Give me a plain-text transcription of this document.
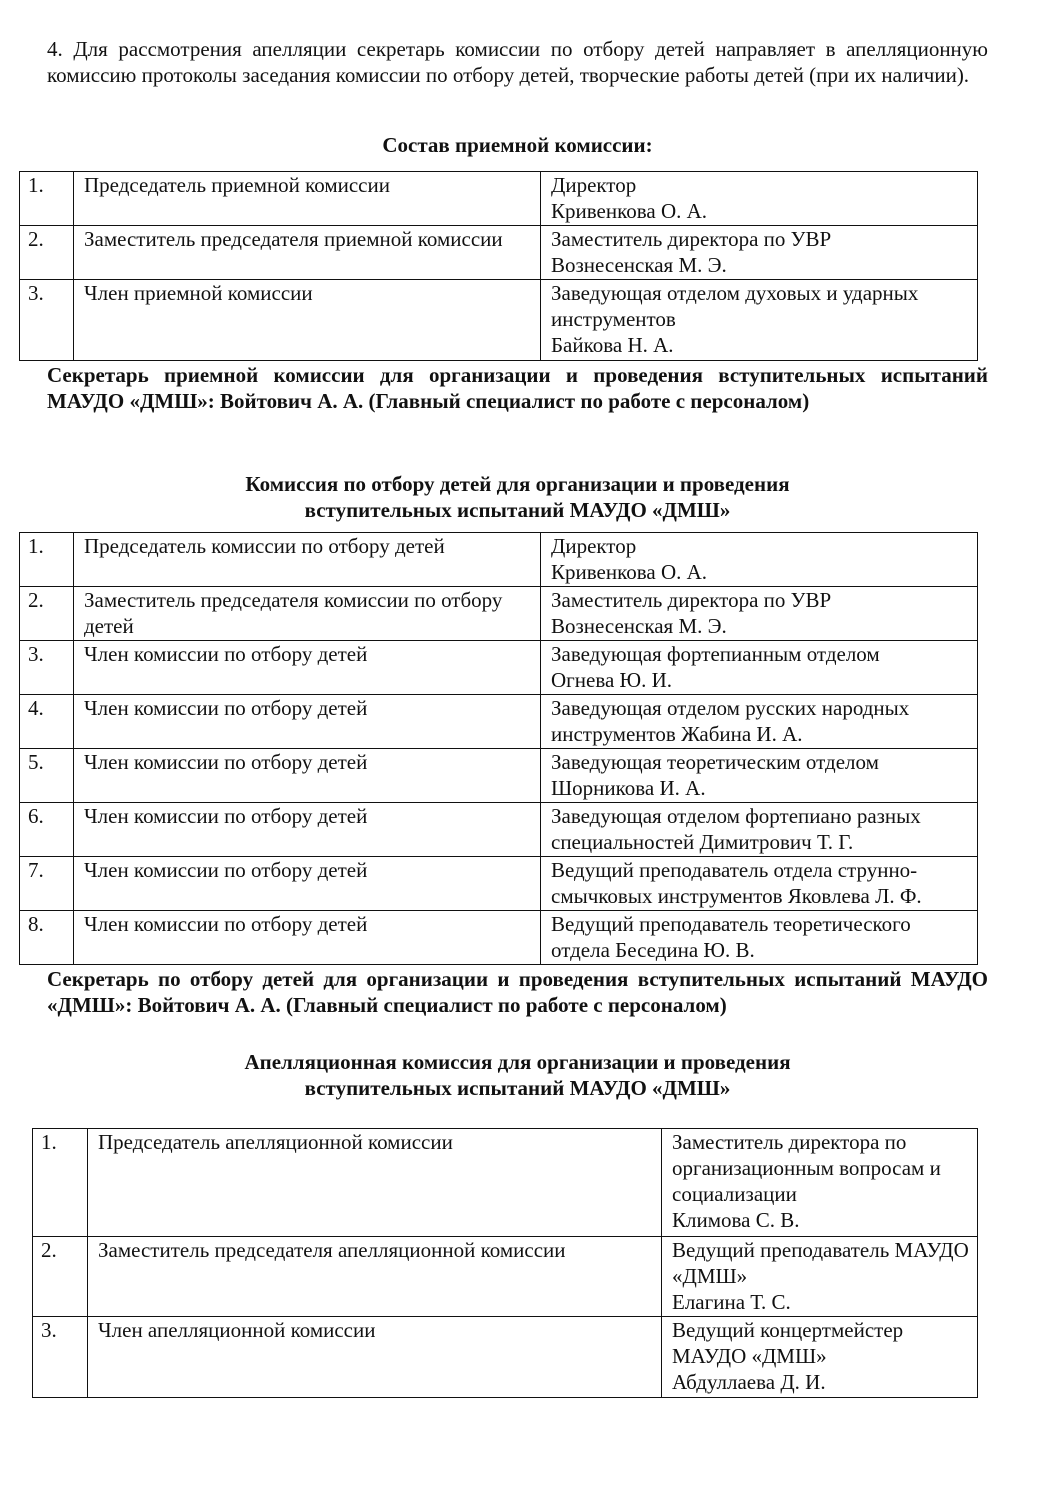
4. Для рассмотрения апелляции секретарь комиссии по отбору детей направляет в апелляционную комиссию протоколы заседания комиссии по отбору детей, творческие работы детей (при их наличии).

Состав приемной комиссии:

1.	Председатель приемной комиссии	Директор
Кривенкова О. А.

2.	Заместитель председателя приемной комиссии	Заместитель директора по УВР
Вознесенская М. Э.

3.	Член приемной комиссии	Заведующая отделом духовых и ударных инструментов
Байкова Н. А.

Секретарь приемной комиссии для организации и проведения вступительных испытаний МАУДО «ДМШ»: Войтович А. А. (Главный специалист по работе с персоналом)

Комиссия по отбору детей для организации и проведения
вступительных испытаний МАУДО «ДМШ»

1.	Председатель комиссии по отбору детей	Директор
Кривенкова О. А.

2.	Заместитель председателя комиссии по отбору детей	Заместитель директора по УВР
Вознесенская М. Э.

3.	Член комиссии по отбору детей	Заведующая фортепианным отделом
Огнева Ю. И.

4.	Член комиссии по отбору детей	Заведующая отделом русских народных инструментов Жабина И. А.
5.	Член комиссии по отбору детей	Заведующая теоретическим отделом
Шорникова И. А.

6.	Член комиссии по отбору детей	Заведующая отделом фортепиано разных специальностей Димитрович Т. Г.
7.	Член комиссии по отбору детей	Ведущий преподаватель отдела струнно-смычковых инструментов Яковлева Л. Ф.
8.	Член комиссии по отбору детей	Ведущий преподаватель теоретического отдела Беседина Ю. В.

Секретарь по отбору детей для организации и проведения вступительных испытаний МАУДО «ДМШ»: Войтович А. А. (Главный специалист по работе с персоналом)

Апелляционная комиссия для организации и проведения
вступительных испытаний МАУДО «ДМШ»

1.	Председатель апелляционной комиссии	Заместитель директора по организационным вопросам и социализации
Климова С. В.

2.	Заместитель председателя апелляционной комиссии	Ведущий преподаватель МАУДО «ДМШ»
Елагина Т. С.

3.	Член апелляционной комиссии	Ведущий концертмейстер МАУДО «ДМШ»
Абдуллаева Д. И.
